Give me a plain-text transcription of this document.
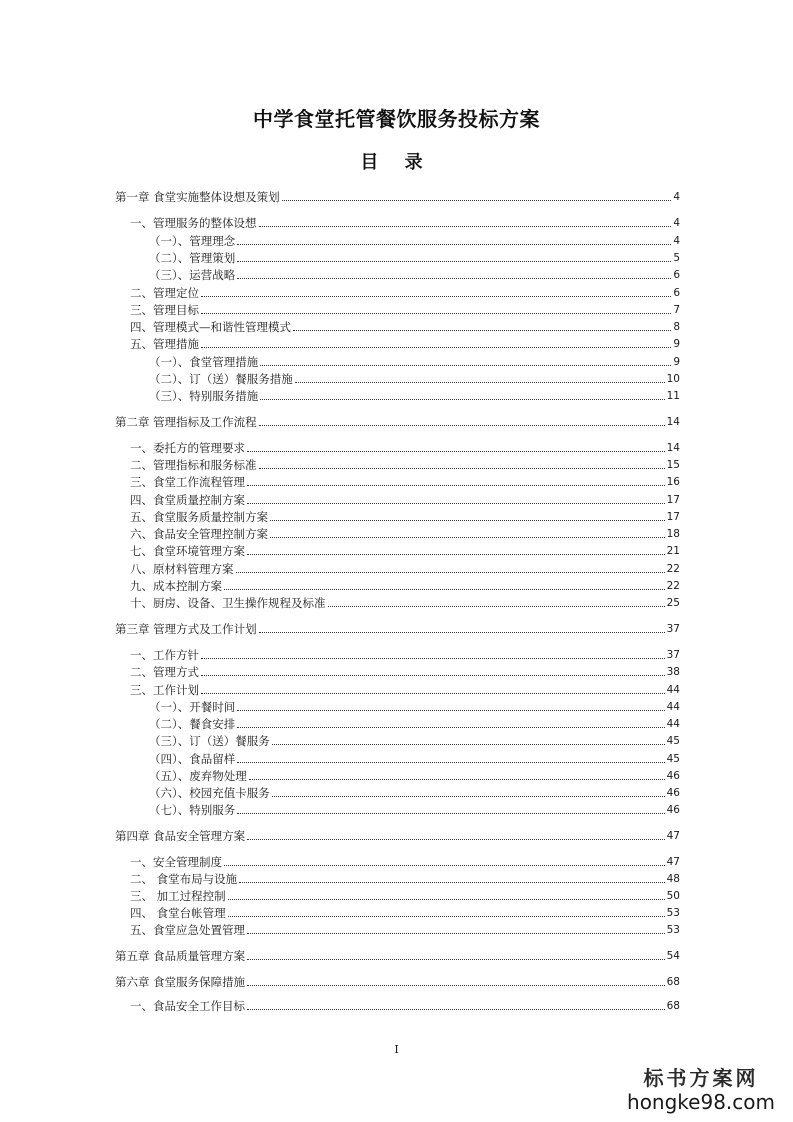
中学食堂托管餐饮服务投标方案
目 录
第一章 食堂实施整体设想及策划	4
一、管理服务的整体设想	4
（一）、管理理念	4
（二）、管理策划	5
（三）、运营战略	6
二、管理定位	6
三、管理目标	7
四、管理模式—和谐性管理模式	8
五、管理措施	9
（一）、食堂管理措施	9
（二）、订（送）餐服务措施	10
（三）、特别服务措施	11
第二章 管理指标及工作流程	14
一、委托方的管理要求	14
二、管理指标和服务标准	15
三、食堂工作流程管理	16
四、食堂质量控制方案	17
五、食堂服务质量控制方案	17
六、食品安全管理控制方案	18
七、食堂环境管理方案	21
八、原材料管理方案	22
九、成本控制方案	22
十、厨房、设备、卫生操作规程及标准	25
第三章 管理方式及工作计划	37
一、工作方针	37
二、管理方式	38
三、工作计划	44
（一）、开餐时间	44
（二）、餐食安排	44
（三）、订（送）餐服务	45
（四）、食品留样	45
（五）、废弃物处理	46
（六）、校园充值卡服务	46
（七）、特别服务	46
第四章 食品安全管理方案	47
一、安全管理制度	47
二、 食堂布局与设施	48
三、 加工过程控制	50
四、 食堂台帐管理	53
五、食堂应急处置管理	53
第五章 食品质量管理方案	54
第六章 食堂服务保障措施	68
一、食品安全工作目标	68
I
标书方案网
hongke98.com
